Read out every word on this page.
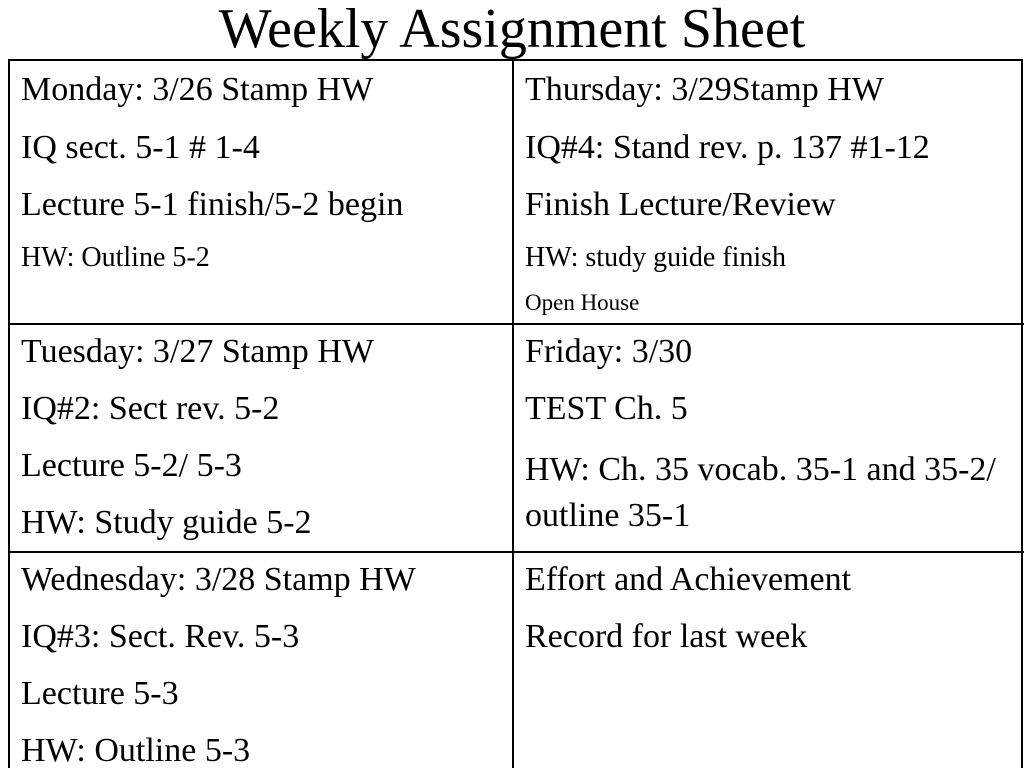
Weekly Assignment Sheet
Monday: 3/26 Stamp HW
IQ sect. 5-1 # 1-4
Lecture 5-1 finish/5-2 begin
HW: Outline 5-2
Thursday: 3/29Stamp HW
IQ#4: Stand rev. p. 137 #1-12
Finish Lecture/Review
HW: study guide finish
Open House
Tuesday: 3/27 Stamp HW
IQ#2: Sect rev. 5-2
Lecture 5-2/ 5-3
HW: Study guide 5-2
Friday: 3/30
TEST Ch. 5
HW: Ch. 35 vocab. 35-1 and 35-2/ outline 35-1
Wednesday: 3/28 Stamp HW
IQ#3: Sect. Rev. 5-3
Lecture 5-3
HW: Outline 5-3
Effort and Achievement
Record for last week
